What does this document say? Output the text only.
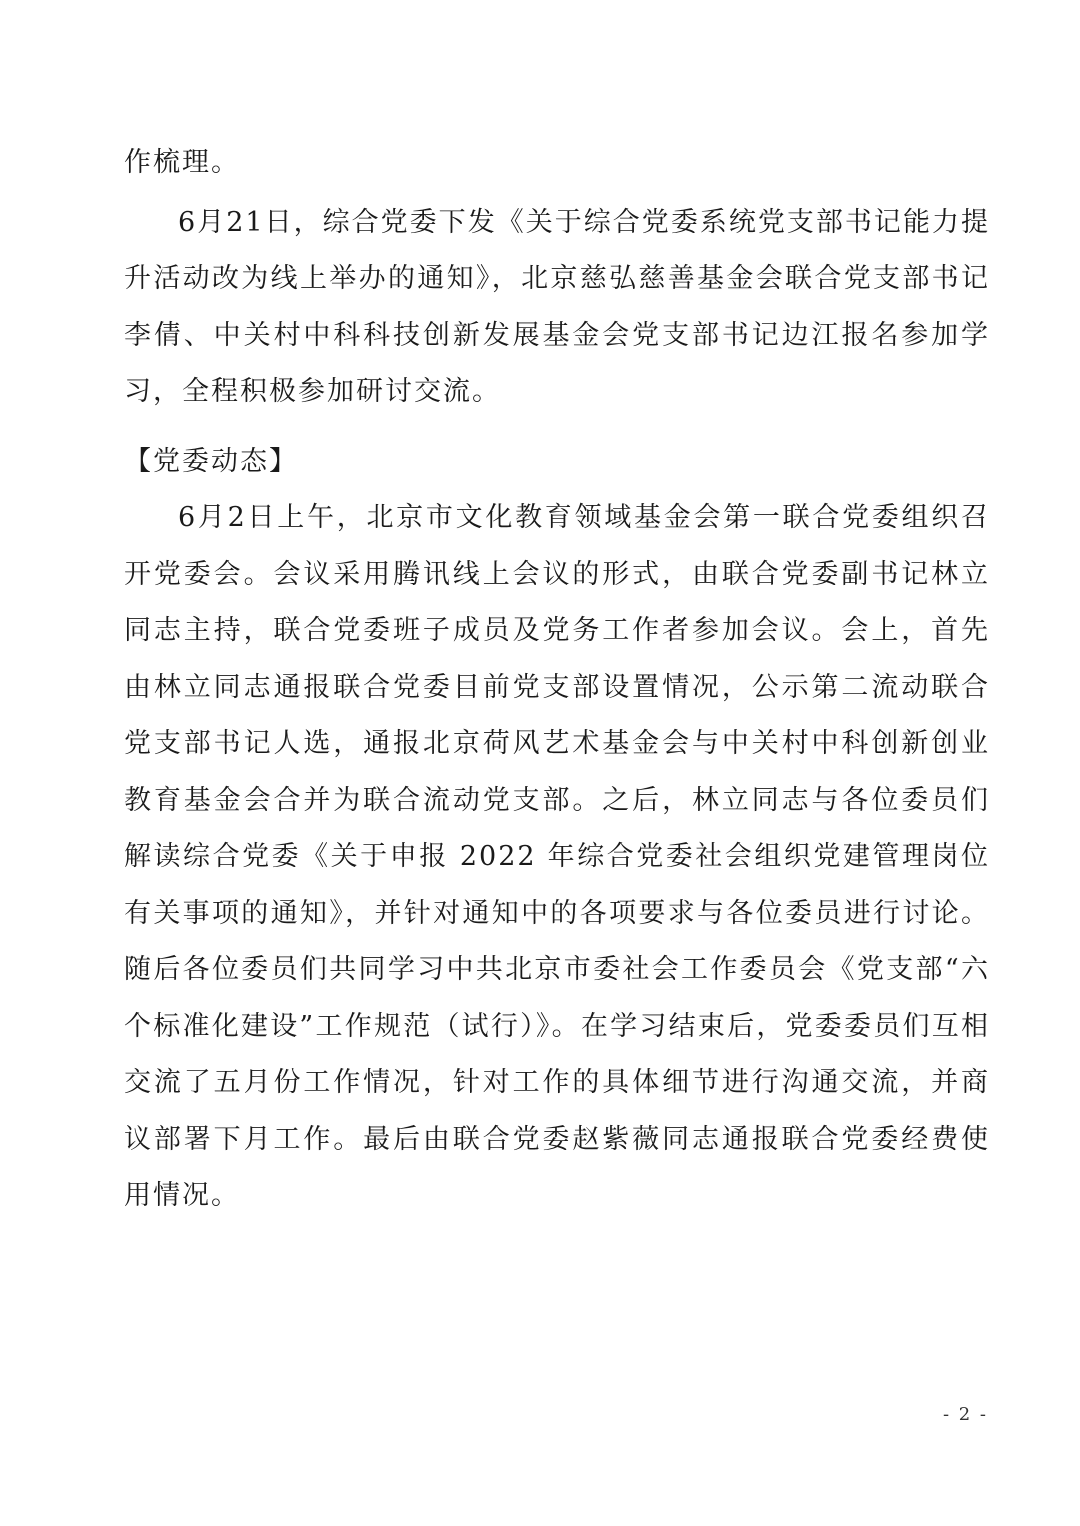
作梳理。

6月21日，综合党委下发《关于综合党委系统党支部书记能力提升活动改为线上举办的通知》，北京慈弘慈善基金会联合党支部书记李倩、中关村中科科技创新发展基金会党支部书记边江报名参加学习，全程积极参加研讨交流。

【党委动态】

6月2日上午，北京市文化教育领域基金会第一联合党委组织召开党委会。会议采用腾讯线上会议的形式，由联合党委副书记林立同志主持，联合党委班子成员及党务工作者参加会议。会上，首先由林立同志通报联合党委目前党支部设置情况，公示第二流动联合党支部书记人选，通报北京荷风艺术基金会与中关村中科创新创业教育基金会合并为联合流动党支部。之后，林立同志与各位委员们解读综合党委《关于申报 2022 年综合党委社会组织党建管理岗位有关事项的通知》，并针对通知中的各项要求与各位委员进行讨论。随后各位委员们共同学习中共北京市委社会工作委员会《党支部“六个标准化建设”工作规范（试行）》。在学习结束后，党委委员们互相交流了五月份工作情况，针对工作的具体细节进行沟通交流，并商议部署下月工作。最后由联合党委赵紫薇同志通报联合党委经费使用情况。

- 2 -
